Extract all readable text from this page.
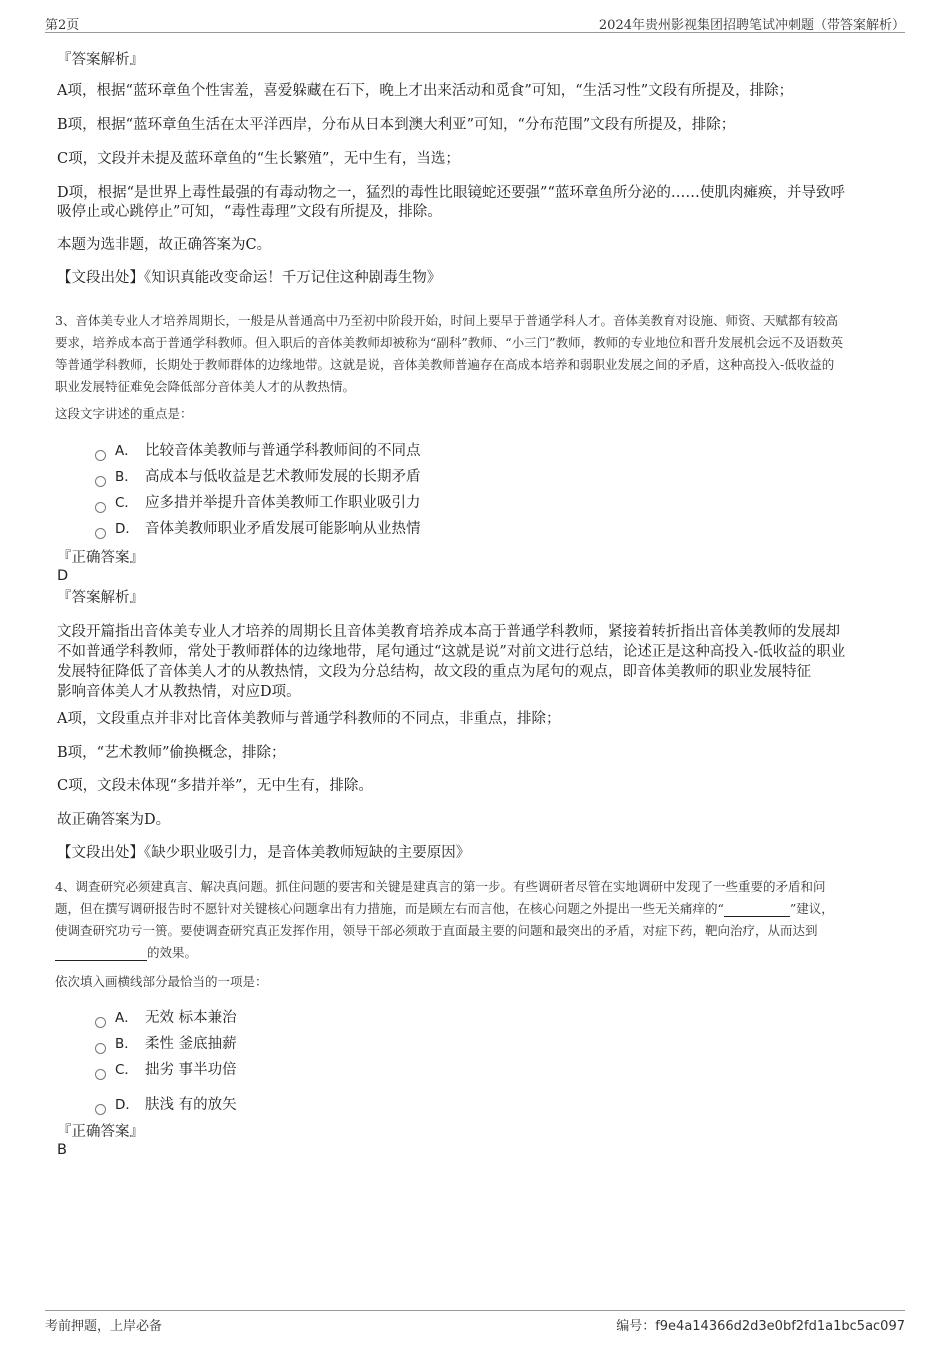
第2页	2024年贵州影视集团招聘笔试冲刺题（带答案解析）
『答案解析』
A项，根据“蓝环章鱼个性害羞，喜爱躲藏在石下，晚上才出来活动和觅食”可知，“生活习性”文段有所提及，排除；
B项，根据“蓝环章鱼生活在太平洋西岸，分布从日本到澳大利亚”可知，“分布范围”文段有所提及，排除；
C项，文段并未提及蓝环章鱼的“生长繁殖”，无中生有，当选；
D项，根据“是世界上毒性最强的有毒动物之一，猛烈的毒性比眼镜蛇还要强”“蓝环章鱼所分泌的……使肌肉瘫痪，并导致呼
吸停止或心跳停止”可知，“毒性毒理”文段有所提及，排除。
本题为选非题，故正确答案为C。
【文段出处】《知识真能改变命运！千万记住这种剧毒生物》
3、音体美专业人才培养周期长，一般是从普通高中乃至初中阶段开始，时间上要早于普通学科人才。音体美教育对设施、师资、天赋都有较高
要求，培养成本高于普通学科教师。但入职后的音体美教师却被称为“副科”教师、“小三门”教师，教师的专业地位和晋升发展机会远不及语数英
等普通学科教师，长期处于教师群体的边缘地带。这就是说，音体美教师普遍存在高成本培养和弱职业发展之间的矛盾，这种高投入-低收益的
职业发展特征难免会降低部分音体美人才的从教热情。
这段文字讲述的重点是：
A． 比较音体美教师与普通学科教师间的不同点
B． 高成本与低收益是艺术教师发展的长期矛盾
C． 应多措并举提升音体美教师工作职业吸引力
D． 音体美教师职业矛盾发展可能影响从业热情
『正确答案』
D
『答案解析』
文段开篇指出音体美专业人才培养的周期长且音体美教育培养成本高于普通学科教师，紧接着转折指出音体美教师的发展却
不如普通学科教师，常处于教师群体的边缘地带，尾句通过“这就是说”对前文进行总结，论述正是这种高投入-低收益的职业
发展特征降低了音体美人才的从教热情，文段为分总结构，故文段的重点为尾句的观点，即音体美教师的职业发展特征
影响音体美人才从教热情，对应D项。
A项，文段重点并非对比音体美教师与普通学科教师的不同点，非重点，排除；
B项，“艺术教师”偷换概念，排除；
C项，文段未体现“多措并举”，无中生有，排除。
故正确答案为D。
【文段出处】《缺少职业吸引力，是音体美教师短缺的主要原因》
4、调查研究必须建真言、解决真问题。抓住问题的要害和关键是建真言的第一步。有些调研者尽管在实地调研中发现了一些重要的矛盾和问
题，但在撰写调研报告时不愿针对关键核心问题拿出有力措施，而是顾左右而言他，在核心问题之外提出一些无关痛痒的“	”建议，
使调查研究功亏一篑。要使调查研究真正发挥作用，领导干部必须敢于直面最主要的问题和最突出的矛盾，对症下药，靶向治疗，从而达到
的效果。
依次填入画横线部分最恰当的一项是：
A． 无效 标本兼治
B． 柔性 釜底抽薪
C． 拙劣 事半功倍
D． 肤浅 有的放矢
『正确答案』
B
考前押题，上岸必备	编号：f9e4a14366d2d3e0bf2fd1a1bc5ac097
